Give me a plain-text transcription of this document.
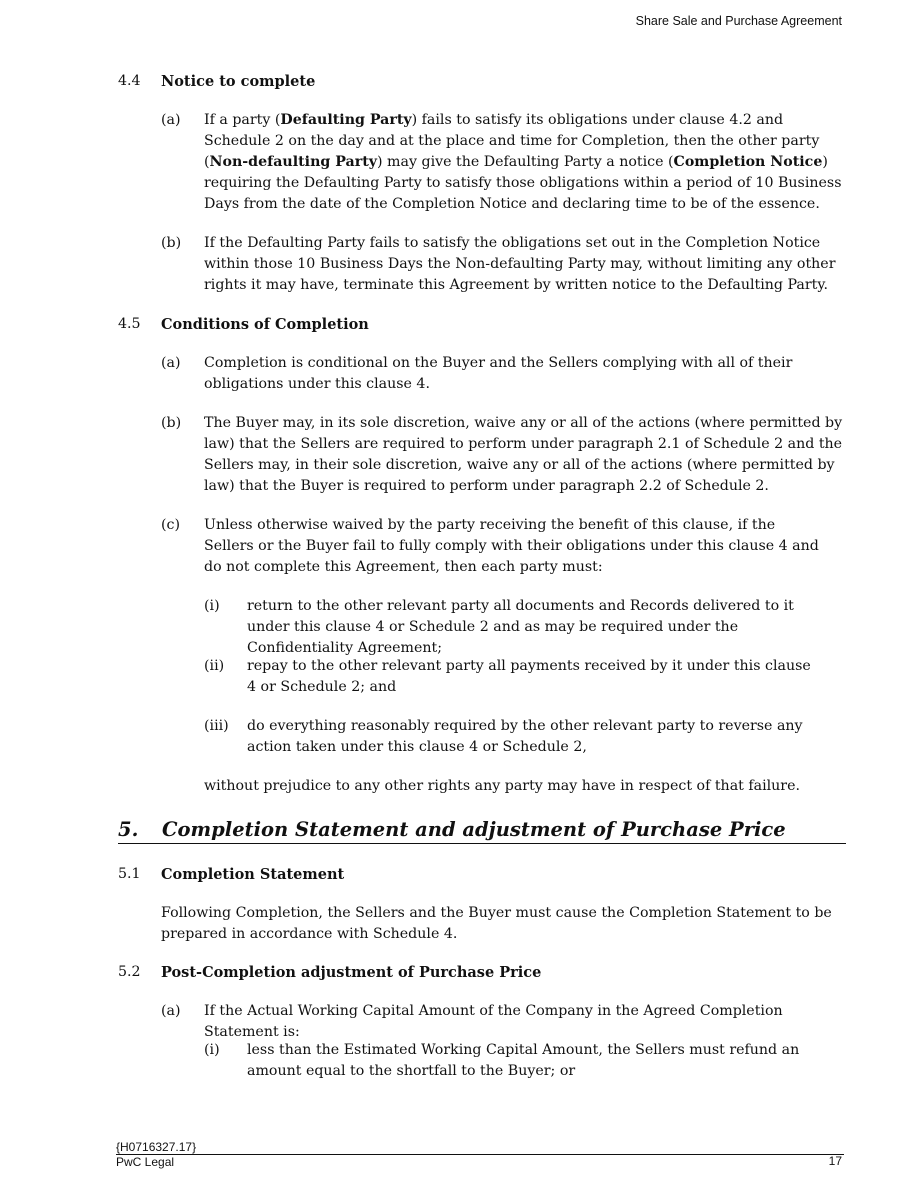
Share Sale and Purchase Agreement
4.4 Notice to complete
(a) If a party (Defaulting Party) fails to satisfy its obligations under clause 4.2 and Schedule 2 on the day and at the place and time for Completion, then the other party (Non-defaulting Party) may give the Defaulting Party a notice (Completion Notice) requiring the Defaulting Party to satisfy those obligations within a period of 10 Business Days from the date of the Completion Notice and declaring time to be of the essence.
(b) If the Defaulting Party fails to satisfy the obligations set out in the Completion Notice within those 10 Business Days the Non-defaulting Party may, without limiting any other rights it may have, terminate this Agreement by written notice to the Defaulting Party.
4.5 Conditions of Completion
(a) Completion is conditional on the Buyer and the Sellers complying with all of their obligations under this clause 4.
(b) The Buyer may, in its sole discretion, waive any or all of the actions (where permitted by law) that the Sellers are required to perform under paragraph 2.1 of Schedule 2 and the Sellers may, in their sole discretion, waive any or all of the actions (where permitted by law) that the Buyer is required to perform under paragraph 2.2 of Schedule 2.
(c) Unless otherwise waived by the party receiving the benefit of this clause, if the Sellers or the Buyer fail to fully comply with their obligations under this clause 4 and do not complete this Agreement, then each party must:
(i) return to the other relevant party all documents and Records delivered to it under this clause 4 or Schedule 2 and as may be required under the Confidentiality Agreement;
(ii) repay to the other relevant party all payments received by it under this clause 4 or Schedule 2; and
(iii) do everything reasonably required by the other relevant party to reverse any action taken under this clause 4 or Schedule 2,
without prejudice to any other rights any party may have in respect of that failure.
5. Completion Statement and adjustment of Purchase Price
5.1 Completion Statement
Following Completion, the Sellers and the Buyer must cause the Completion Statement to be prepared in accordance with Schedule 4.
5.2 Post-Completion adjustment of Purchase Price
(a) If the Actual Working Capital Amount of the Company in the Agreed Completion Statement is:
(i) less than the Estimated Working Capital Amount, the Sellers must refund an amount equal to the shortfall to the Buyer; or
{H0716327.17}
PwC Legal	17
